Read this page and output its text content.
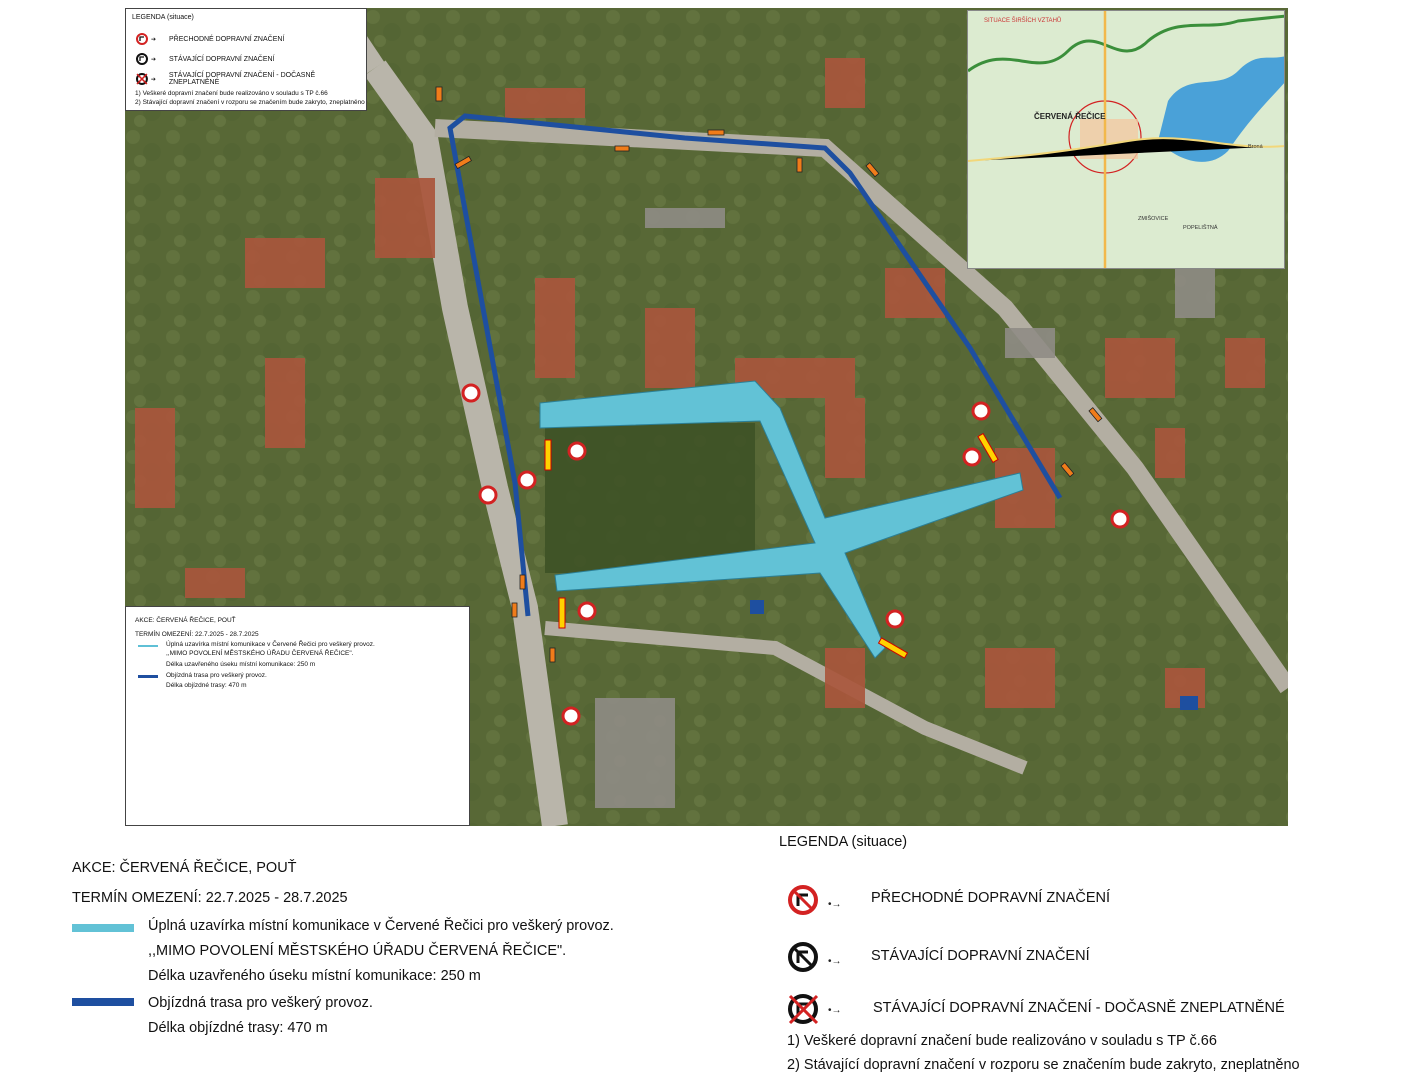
LEGENDA (situace)
➔	PŘECHODNÉ DOPRAVNÍ ZNAČENÍ
➔	STÁVAJÍCÍ DOPRAVNÍ ZNAČENÍ
➔
STÁVAJÍCÍ DOPRAVNÍ ZNAČENÍ - DOČASNĚ ZNEPLATNĚNÉ
1) Veškeré dopravní značení bude realizováno v souladu s TP č.66
2) Stávající dopravní značení v rozporu se značením bude zakryto, zneplatněno
SITUACE ŠIRŠÍCH VZTAHŮ
ČERVENÁ ŘEČICE
Broná
ZMIŠOVICE
POPELIŠTNÁ
AKCE: ČERVENÁ ŘEČICE, POUŤ
TERMÍN OMEZENÍ: 22.7.2025 - 28.7.2025
Úplná uzavírka místní komunikace v Červené Řečici pro veškerý provoz.
,,MIMO POVOLENÍ MĚSTSKÉHO ÚŘADU ČERVENÁ ŘEČICE".
Délka uzavřeného úseku místní komunikace: 250 m
Objízdná trasa pro veškerý provoz.
Délka objízdné trasy: 470 m
AKCE: ČERVENÁ ŘEČICE, POUŤ
TERMÍN OMEZENÍ: 22.7.2025 - 28.7.2025
Úplná uzavírka místní komunikace v Červené Řečici pro veškerý provoz.
,,MIMO POVOLENÍ MĚSTSKÉHO ÚŘADU ČERVENÁ ŘEČICE".
Délka uzavřeného úseku místní komunikace: 250 m
Objízdná trasa pro veškerý provoz.
Délka objízdné trasy: 470 m
LEGENDA (situace)
•→ PŘECHODNÉ DOPRAVNÍ ZNAČENÍ
•→ STÁVAJÍCÍ DOPRAVNÍ ZNAČENÍ
•→ STÁVAJÍCÍ DOPRAVNÍ ZNAČENÍ - DOČASNĚ ZNEPLATNĚNÉ
1) Veškeré dopravní značení bude realizováno v souladu s TP č.66
2) Stávající dopravní značení v rozporu se značením bude zakryto, zneplatněno
